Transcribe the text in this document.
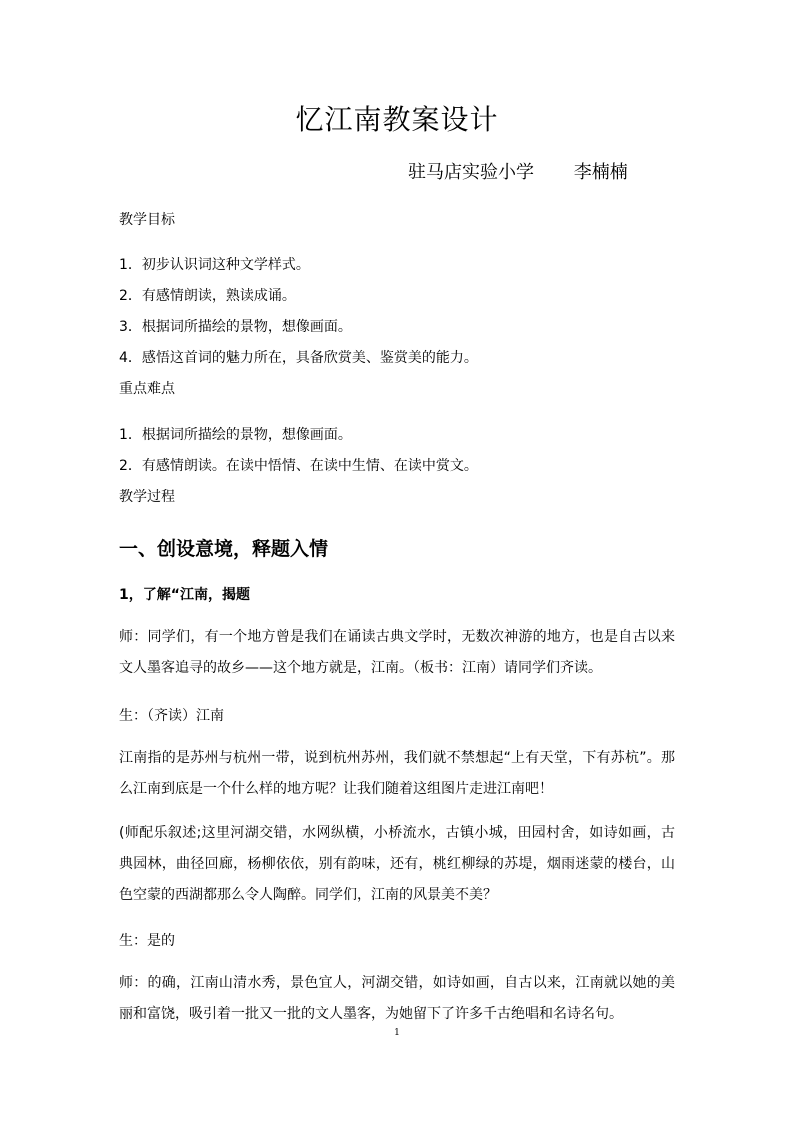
忆江南教案设计
驻马店实验小学 李楠楠
教学目标
1．初步认识词这种文学样式。
2．有感情朗读，熟读成诵。
3．根据词所描绘的景物，想像画面。
4．感悟这首词的魅力所在，具备欣赏美、鉴赏美的能力。
重点难点
1．根据词所描绘的景物，想像画面。
2．有感情朗读。在读中悟情、在读中生情、在读中赏文。
教学过程
一、创设意境，释题入情
1，了解“江南，揭题
师：同学们，有一个地方曾是我们在诵读古典文学时，无数次神游的地方，也是自古以来文人墨客追寻的故乡——这个地方就是，江南。（板书：江南）请同学们齐读。
生：（齐读）江南
江南指的是苏州与杭州一带，说到杭州苏州，我们就不禁想起“上有天堂，下有苏杭”。那么江南到底是一个什么样的地方呢？让我们随着这组图片走进江南吧！
(师配乐叙述;这里河湖交错，水网纵横，小桥流水，古镇小城，田园村舍，如诗如画，古典园林，曲径回廊，杨柳依依，别有韵味，还有，桃红柳绿的苏堤，烟雨迷蒙的楼台，山色空蒙的西湖都那么令人陶醉。同学们，江南的风景美不美？
生：是的
师：的确，江南山清水秀，景色宜人，河湖交错，如诗如画，自古以来，江南就以她的美丽和富饶，吸引着一批又一批的文人墨客，为她留下了许多千古绝唱和名诗名句。
1
